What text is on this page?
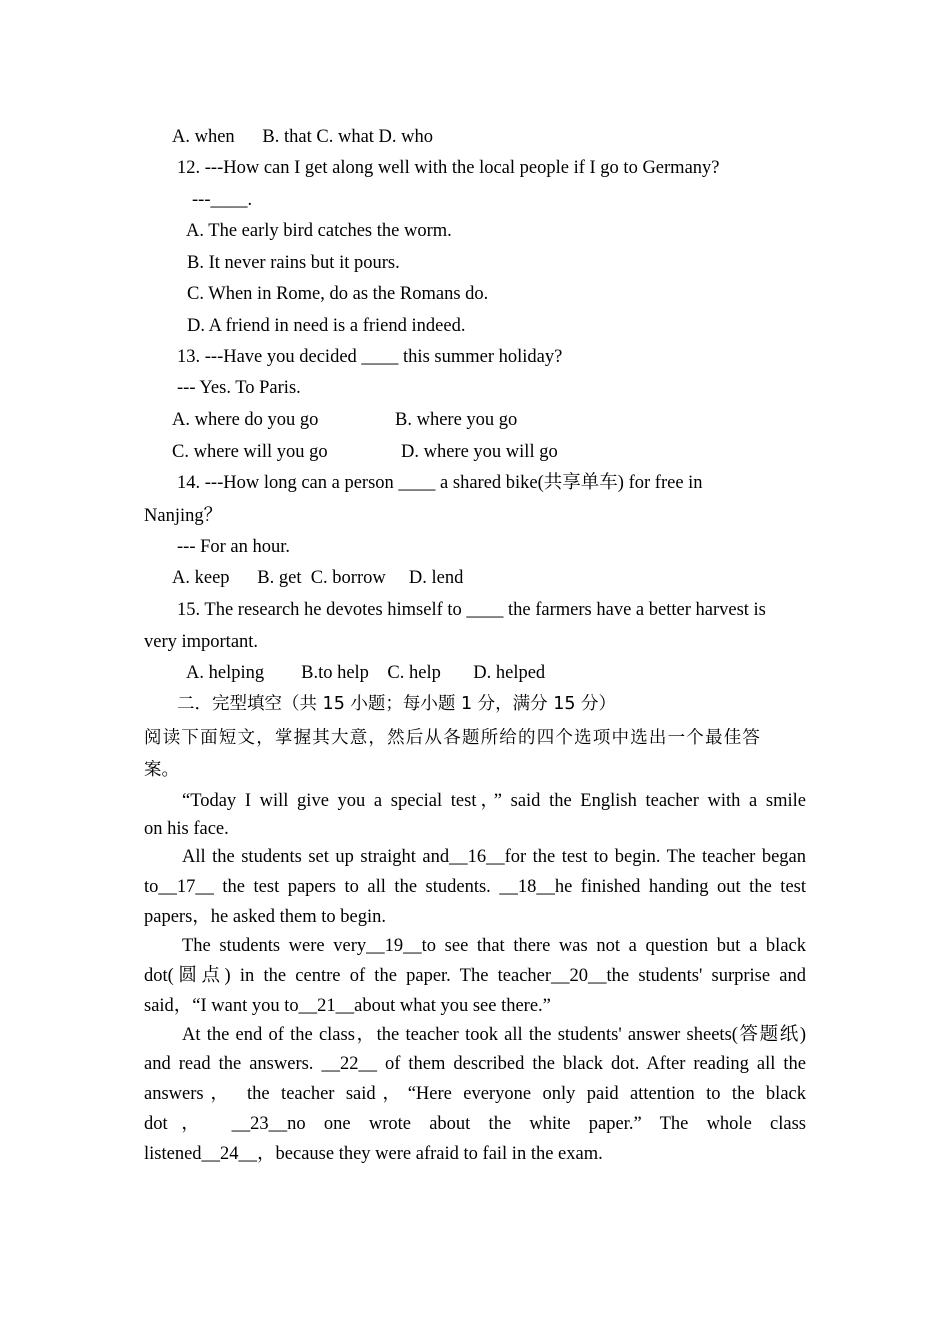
A. when      B. that C. what D. who
12. ---How can I get along well with the local people if I go to Germany?
---____.
A. The early bird catches the worm.
B. It never rains but it pours.
C. When in Rome, do as the Romans do.
D. A friend in need is a friend indeed.
13. ---Have you decided ____ this summer holiday?
--- Yes. To Paris.
A. where do you go	B. where you go
C. where will you go	D. where you will go
14. ---How long can a person ____ a shared bike(共享单车) for free in
Nanjing？
--- For an hour.
A. keep      B. get  C. borrow     D. lend
15. The research he devotes himself to ____ the farmers have a better harvest is
very important.
A. helping        B.to help    C. help       D. helped
二．完型填空（共 15 小题；每小题 1 分，满分 15 分）
阅读下面短文，掌握其大意，然后从各题所给的四个选项中选出一个最佳答
案。
“Today I will give you a special test，” said the English teacher with a smile
on his face.
All the students set up straight and__16__for the test to begin. The teacher began
to__17__ the test papers to all the students. __18__he finished handing out the test
papers，he asked them to begin.
The students were very__19__to see that there was not a question but a black
dot(圆点) in the centre of the paper. The teacher__20__the students' surprise and
said，“I want you to__21__about what you see there.”
At the end of the class，the teacher took all the students' answer sheets(答题纸)
and read the answers. __22__ of them described the black dot. After reading all the
answers， the teacher said，“Here everyone only paid attention to the black
dot， __23__no one wrote about the white paper.” The whole class
listened__24__，because they were afraid to fail in the exam.
